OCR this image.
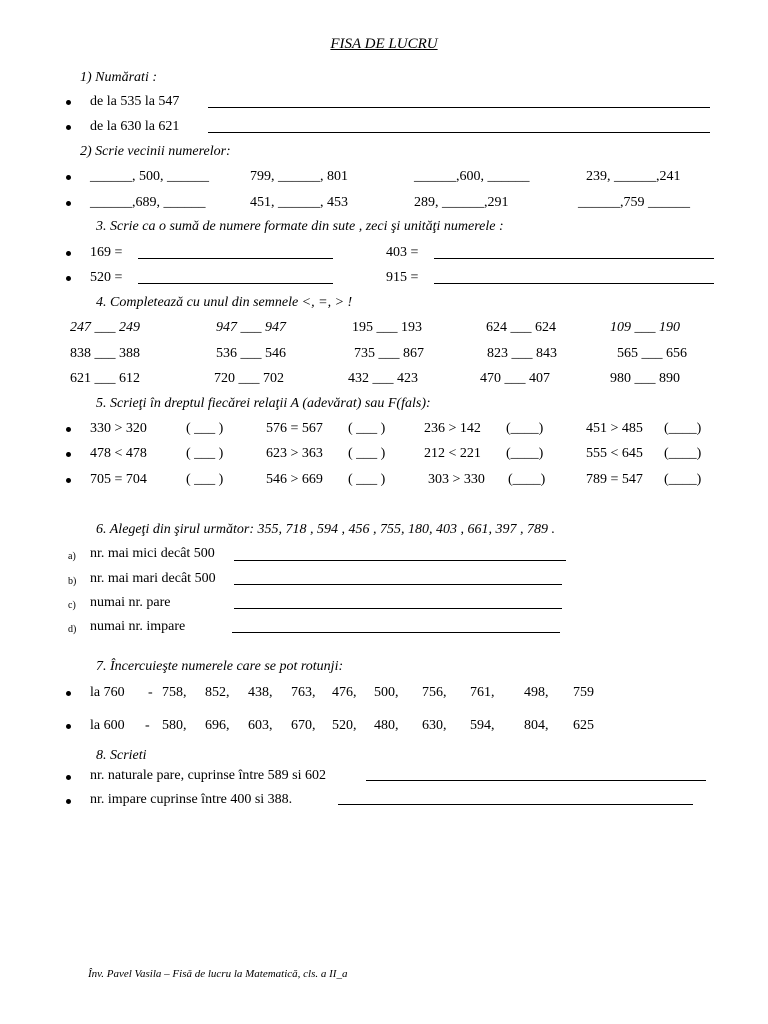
FISA DE LUCRU
1) Numărati :
de la 535 la 547
de la 630 la 621
2) Scrie vecinii numerelor:
______, 500, ______	799, ______, 801	______,600, ______	239, ______,241
______,689, ______	451, ______, 453	289, ______,291	______,759 ______
3. Scrie ca o sumă de numere formate din sute , zeci şi unităţi numerele :
169 =	403 =
520 =	915 =
4. Completează cu unul din semnele <, =, > !
247 ___ 249	947 ___ 947	195 ___ 193	624 ___ 624	109 ___ 190
838 ___ 388	536 ___ 546	735 ___ 867	823 ___ 843	565 ___ 656
621 ___ 612	720 ___ 702	432 ___ 423	470 ___ 407	980 ___ 890
5. Scrieţi în dreptul fiecărei relaţii A (adevărat) sau F(fals):
330 > 320	( ___ )	576 = 567 ( ___ )	236 > 142 (____)	451 > 485 (____)
478 < 478	( ___ )	623 > 363 ( ___ )	212 < 221 (____)	555 < 645 (____)
705 = 704	( ___ )	546 > 669 ( ___ )	303 > 330 (____)	789 = 547 (____)
6. Alegeţi din şirul următor: 355, 718 , 594 , 456 , 755, 180, 403 , 661, 397 , 789 .
a) nr. mai mici decât 500
b) nr. mai mari decât 500
c) numai nr. pare
d) numai nr. impare
7. Încercuieşte numerele care se pot rotunji:
la 760 - 758, 852, 438, 763, 476, 500, 756, 761, 498, 759
la 600 - 580, 696, 603, 670, 520, 480, 630, 594, 804, 625
8. Scrieti
nr. naturale pare, cuprinse între 589 si 602
nr. impare cuprinse între 400 si 388.
Înv. Pavel Vasila – Fisă de lucru la Matematică, cls. a II_a
